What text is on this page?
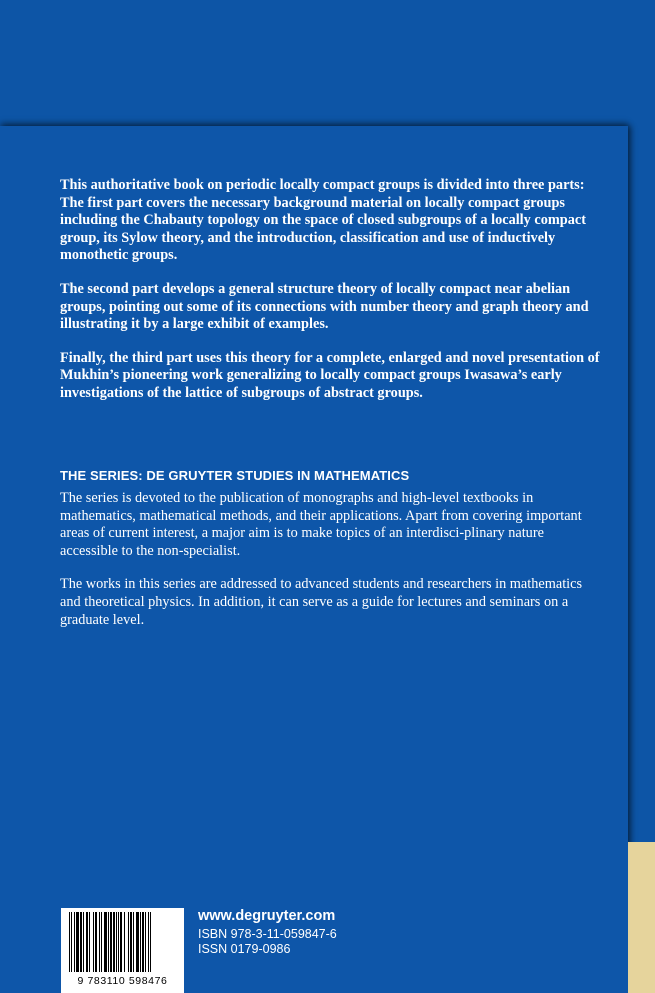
This authoritative book on periodic locally compact groups is divided into three parts: The first part covers the necessary background material on locally compact groups including the Chabauty topology on the space of closed subgroups of a locally compact group, its Sylow theory, and the introduction, classification and use of inductively monothetic groups.

The second part develops a general structure theory of locally compact near abelian groups, pointing out some of its connections with number theory and graph theory and illustrating it by a large exhibit of examples.

Finally, the third part uses this theory for a complete, enlarged and novel presentation of Mukhin’s pioneering work generalizing to locally compact groups Iwasawa’s early investigations of the lattice of subgroups of abstract groups.

THE SERIES: DE GRUYTER STUDIES IN MATHEMATICS

The series is devoted to the publication of monographs and high-level textbooks in mathematics, mathematical methods, and their applications. Apart from covering important areas of current interest, a major aim is to make topics of an interdisci-plinary nature accessible to the non-specialist.

The works in this series are addressed to advanced students and researchers in mathematics and theoretical physics. In addition, it can serve as a guide for lectures and seminars on a graduate level.

9 783110 598476
www.degruyter.com
ISBN 978-3-11-059847-6
ISSN 0179-0986
